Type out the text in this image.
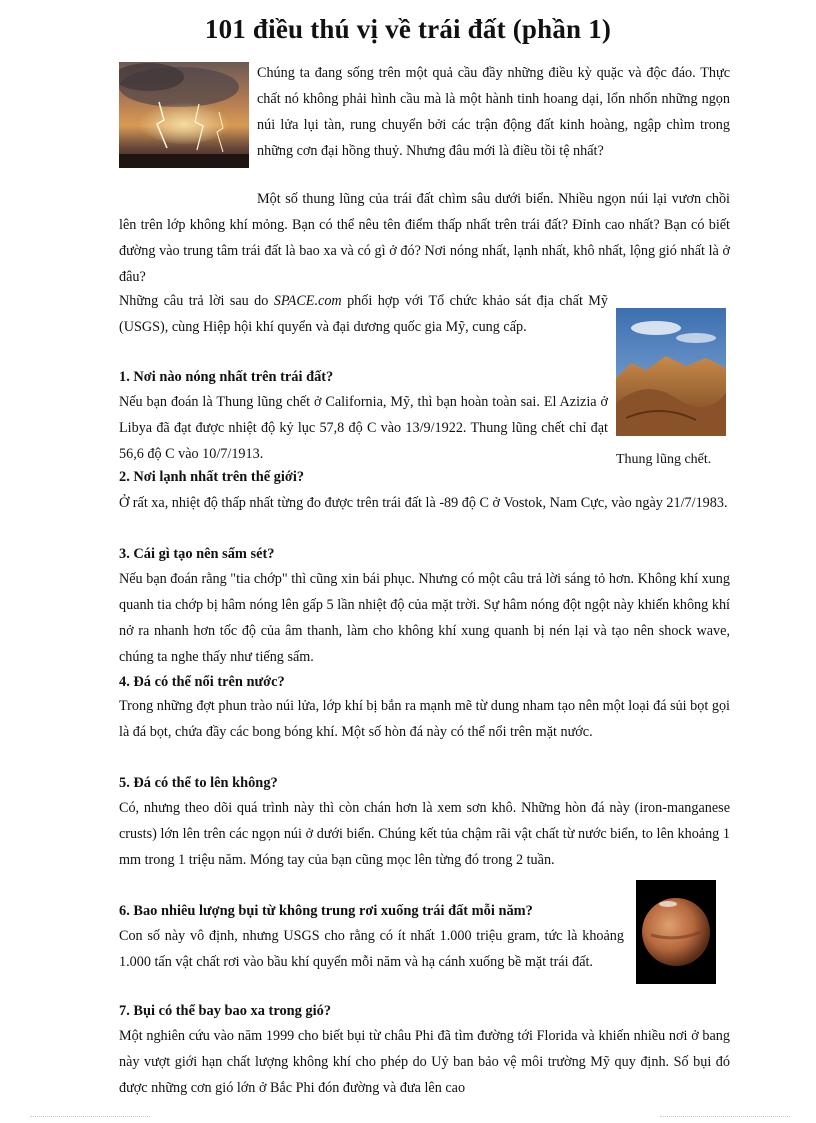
101 điều thú vị về trái đất (phần 1)
Chúng ta đang sống trên một quả cầu đầy những điều kỳ quặc và độc đáo. Thực chất nó không phải hình cầu mà là một hành tinh hoang dại, lổn nhổn những ngọn núi lửa lụi tàn, rung chuyển bởi các trận động đất kinh hoàng, ngập chìm trong những cơn đại hồng thuỷ. Nhưng đâu mới là điều tồi tệ nhất?
Một số thung lũng của trái đất chìm sâu dưới biển. Nhiều ngọn núi lại vươn chồi lên trên lớp không khí mỏng. Bạn có thể nêu tên điểm thấp nhất trên trái đất? Đỉnh cao nhất? Bạn có biết đường vào trung tâm trái đất là bao xa và có gì ở đó? Nơi nóng nhất, lạnh nhất, khô nhất, lộng gió nhất là ở đâu?
Những câu trả lời sau do SPACE.com phối hợp với Tổ chức khảo sát địa chất Mỹ (USGS), cùng Hiệp hội khí quyển và đại dương quốc gia Mỹ, cung cấp.
Thung lũng chết.
1. Nơi nào nóng nhất trên trái đất?
Nếu bạn đoán là Thung lũng chết ở California, Mỹ, thì bạn hoàn toàn sai. El Azizia ở Libya đã đạt được nhiệt độ kỷ lục 57,8 độ C vào 13/9/1922. Thung lũng chết chỉ đạt 56,6 độ C vào 10/7/1913.
2. Nơi lạnh nhất trên thế giới?
Ở rất xa, nhiệt độ thấp nhất từng đo được trên trái đất là -89 độ C ở Vostok, Nam Cực, vào ngày 21/7/1983.
3. Cái gì tạo nên sấm sét?
Nếu bạn đoán rằng "tia chớp" thì cũng xin bái phục. Nhưng có một câu trả lời sáng tỏ hơn. Không khí xung quanh tia chớp bị hâm nóng lên gấp 5 lần nhiệt độ của mặt trời. Sự hâm nóng đột ngột này khiến không khí nở ra nhanh hơn tốc độ của âm thanh, làm cho không khí xung quanh bị nén lại và tạo nên shock wave, chúng ta nghe thấy như tiếng sấm.
4. Đá có thể nổi trên nước?
Trong những đợt phun trào núi lửa, lớp khí bị bắn ra mạnh mẽ từ dung nham tạo nên một loại đá sủi bọt gọi là đá bọt, chứa đầy các bong bóng khí. Một số hòn đá này có thể nổi trên mặt nước.
5. Đá có thể to lên không?
Có, nhưng theo dõi quá trình này thì còn chán hơn là xem sơn khô. Những hòn đá này (iron-manganese crusts) lớn lên trên các ngọn núi ở dưới biển. Chúng kết tủa chậm rãi vật chất từ nước biển, to lên khoảng 1 mm trong 1 triệu năm. Móng tay của bạn cũng mọc lên từng đó trong 2 tuần.
6. Bao nhiêu lượng bụi từ không trung rơi xuống trái đất mỗi năm?
Con số này vô định, nhưng USGS cho rằng có ít nhất 1.000 triệu gram, tức là khoảng 1.000 tấn vật chất rơi vào bầu khí quyển mỗi năm và hạ cánh xuống bề mặt trái đất.
7. Bụi có thể bay bao xa trong gió?
Một nghiên cứu vào năm 1999 cho biết bụi từ châu Phi đã tìm đường tới Florida và khiến nhiều nơi ở bang này vượt giới hạn chất lượng không khí cho phép do Uỷ ban bảo vệ môi trường Mỹ quy định. Số bụi đó được những cơn gió lớn ở Bắc Phi đón đường và đưa lên cao
